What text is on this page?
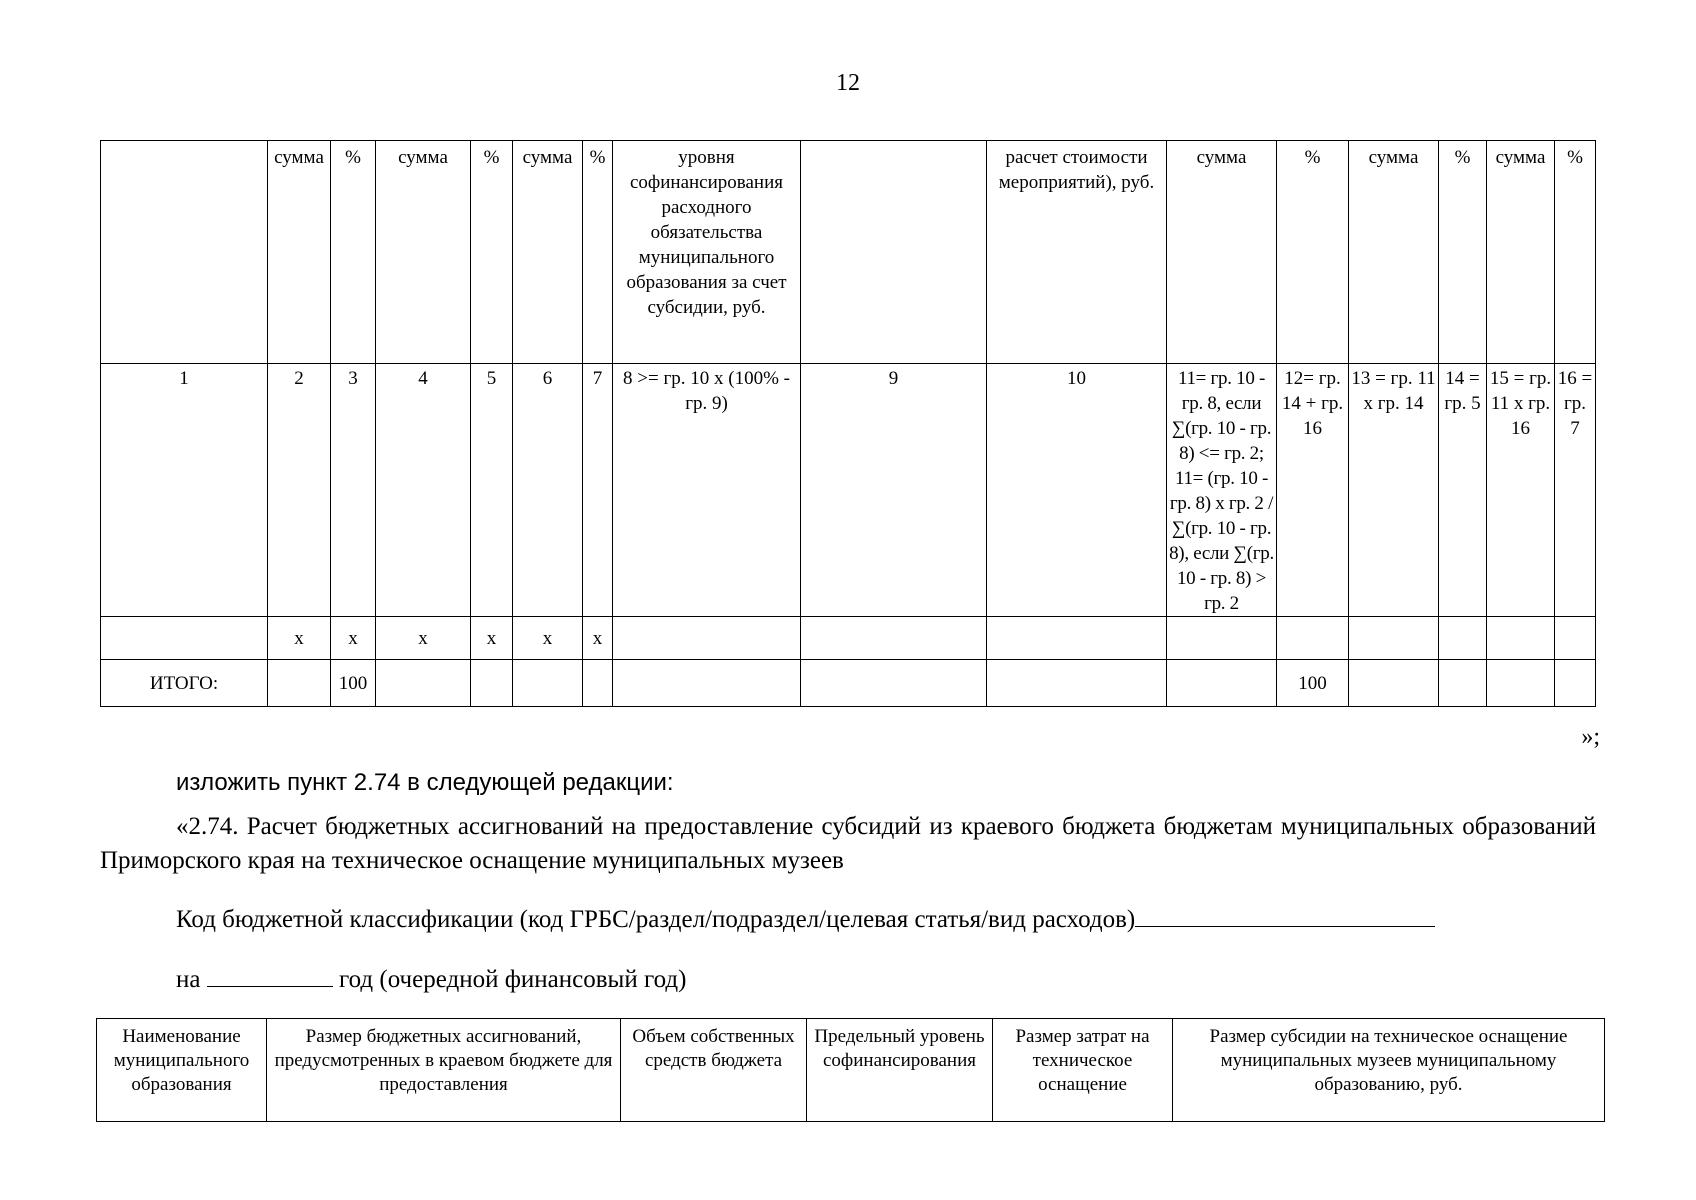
12
	сумма	%	сумма	%	сумма	%	уровня софинансирования расходного обязательства муниципального образования за счет субсидии, руб.		расчет стоимости мероприятий), руб.	сумма	%	сумма	%	сумма	%
1	2	3	4	5	6	7	8 >= гр. 10 x (100% - гр. 9)	9	10	11= гр. 10 - гр. 8, если ∑(гр. 10 - гр. 8) <= гр. 2; 11= (гр. 10 - гр. 8) x гр. 2 / ∑(гр. 10 - гр. 8), если ∑(гр. 10 - гр. 8) > гр. 2	12= гр. 14 + гр. 16	13 = гр. 11 x гр. 14	14 = гр. 5	15 = гр. 11 x гр. 16	16 = гр. 7
	x	x	x	x	x	x									
ИТОГО:		100									100				
»;
изложить пункт 2.74 в следующей редакции:
«2.74. Расчет бюджетных ассигнований на предоставление субсидий из краевого бюджета бюджетам муниципальных образований Приморского края на техническое оснащение муниципальных музеев
Код бюджетной классификации (код ГРБС/раздел/подраздел/целевая статья/вид расходов)
на	год (очередной финансовый год)
Наименование муниципального образования	Размер бюджетных ассигнований, предусмотренных в краевом бюджете для предоставления	Объем собственных средств бюджета	Предельный уровень софинансирования	Размер затрат на техническое оснащение	Размер субсидии на техническое оснащение муниципальных музеев муниципальному образованию, руб.
